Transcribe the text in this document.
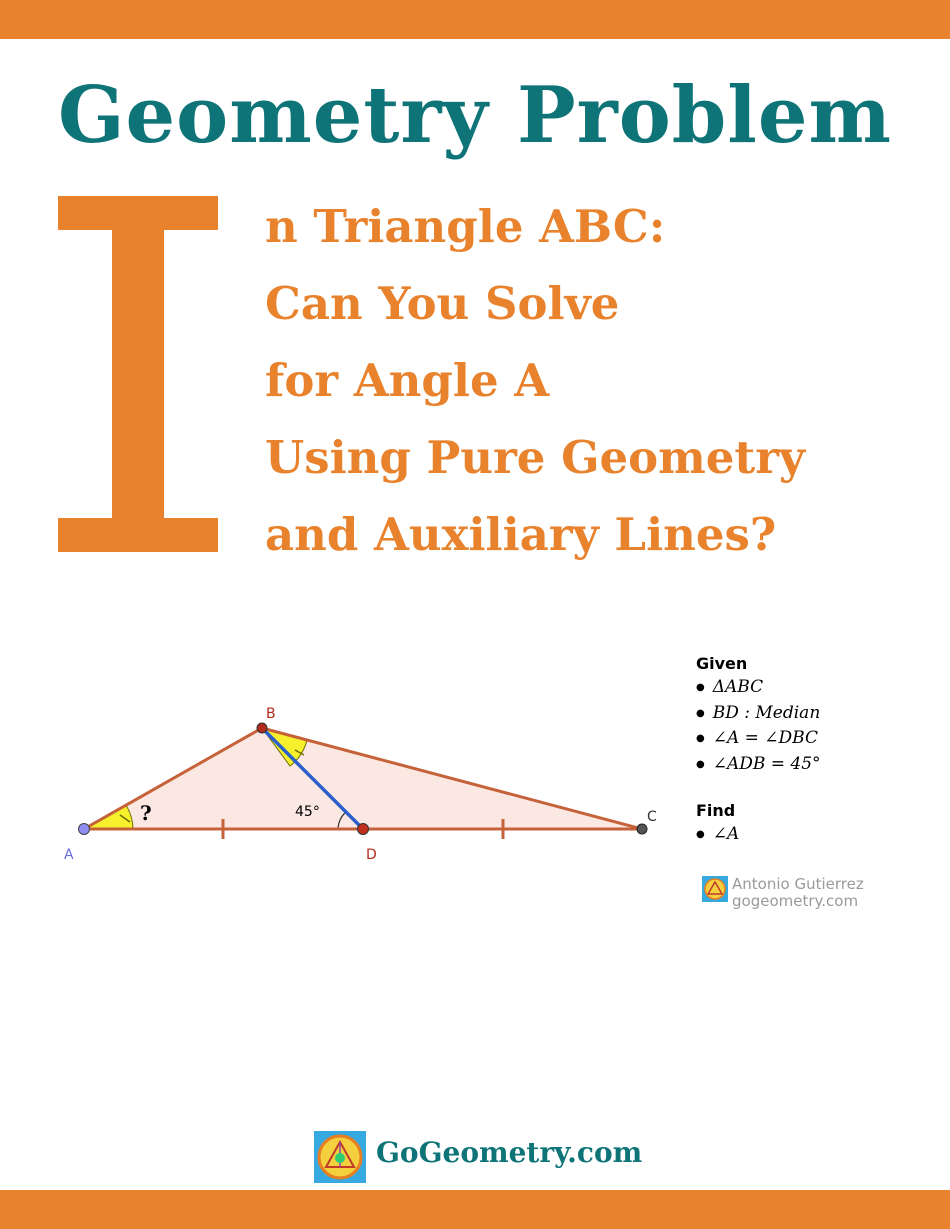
Geometry Problem
I
n Triangle ABC:
Can You Solve
for Angle A
Using Pure Geometry
and Auxiliary Lines?
A
B
C
D
45°
?
Given
● ΔABC
● BD : Median
● ∠A = ∠DBC
● ∠ADB = 45°
Find
● ∠A
Antonio Gutierrez
gogeometry.com

GoGeometry.com
